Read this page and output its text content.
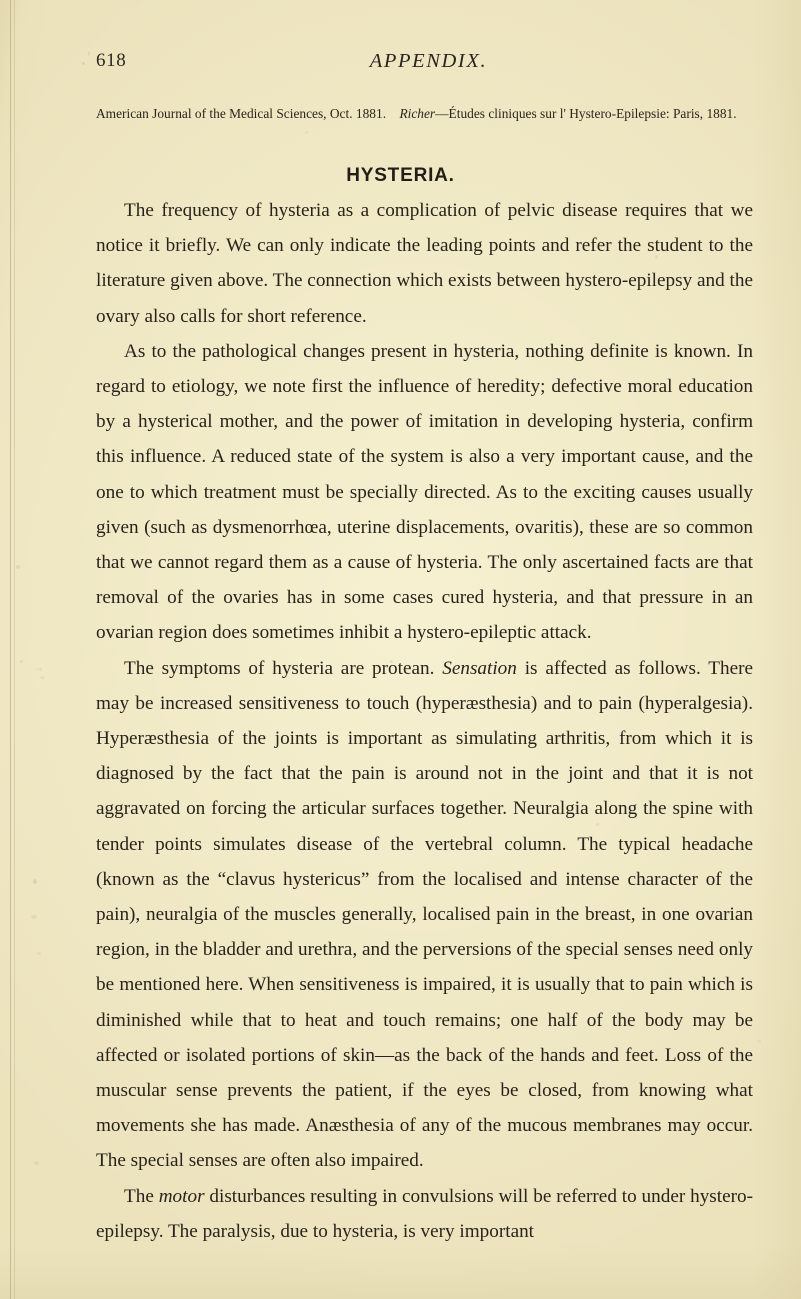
618	APPENDIX.
American Journal of the Medical Sciences, Oct. 1881. Richer—Études cliniques sur l' Hystero-Epilepsie: Paris, 1881.
HYSTERIA.

The frequency of hysteria as a complication of pelvic disease requires that we notice it briefly. We can only indicate the leading points and refer the student to the literature given above. The connection which exists between hystero-epilepsy and the ovary also calls for short reference.

As to the pathological changes present in hysteria, nothing definite is known. In regard to etiology, we note first the influence of heredity; defective moral education by a hysterical mother, and the power of imitation in developing hysteria, confirm this influence. A reduced state of the system is also a very important cause, and the one to which treatment must be specially directed. As to the exciting causes usually given (such as dysmenorrhœa, uterine displacements, ovaritis), these are so common that we cannot regard them as a cause of hysteria. The only ascertained facts are that removal of the ovaries has in some cases cured hysteria, and that pressure in an ovarian region does sometimes inhibit a hystero-epileptic attack.

The symptoms of hysteria are protean. Sensation is affected as follows. There may be increased sensitiveness to touch (hyperæsthesia) and to pain (hyperalgesia). Hyperæsthesia of the joints is important as simulating arthritis, from which it is diagnosed by the fact that the pain is around not in the joint and that it is not aggravated on forcing the articular surfaces together. Neuralgia along the spine with tender points simulates disease of the vertebral column. The typical headache (known as the “clavus hystericus” from the localised and intense character of the pain), neuralgia of the muscles generally, localised pain in the breast, in one ovarian region, in the bladder and urethra, and the perversions of the special senses need only be mentioned here. When sensitiveness is impaired, it is usually that to pain which is diminished while that to heat and touch remains; one half of the body may be affected or isolated portions of skin—as the back of the hands and feet. Loss of the muscular sense prevents the patient, if the eyes be closed, from knowing what movements she has made. Anæsthesia of any of the mucous membranes may occur. The special senses are often also impaired.

The motor disturbances resulting in convulsions will be referred to under hystero-epilepsy. The paralysis, due to hysteria, is very important
